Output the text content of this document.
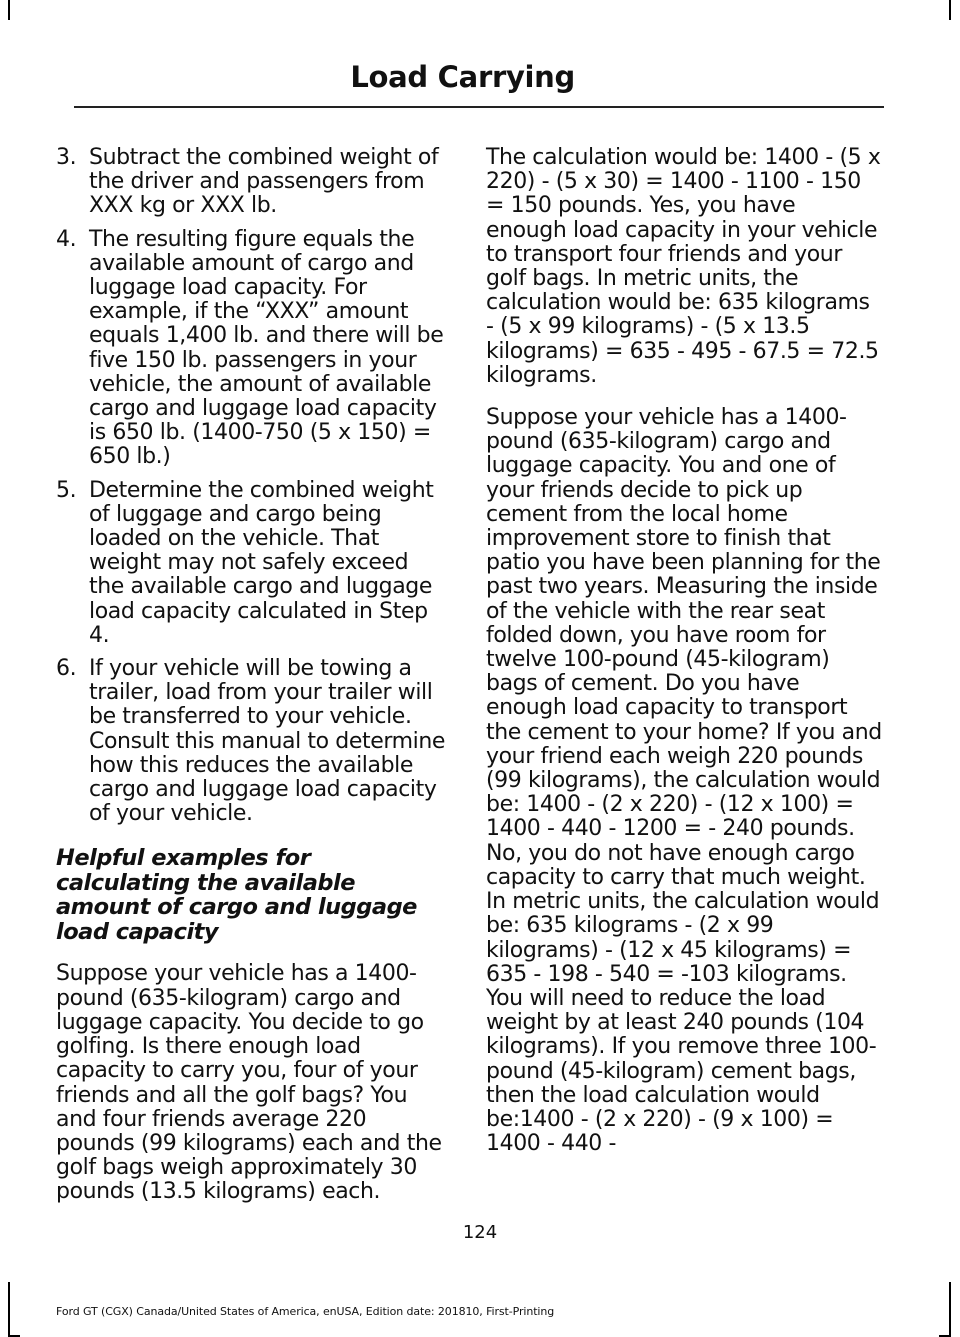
Load Carrying
3. Subtract the combined weight of the driver and passengers from XXX kg or XXX lb.
4. The resulting figure equals the available amount of cargo and luggage load capacity. For example, if the “XXX” amount equals 1,400 lb. and there will be five 150 lb. passengers in your vehicle, the amount of available cargo and luggage load capacity is 650 lb. (1400-750 (5 x 150) = 650 lb.)
5. Determine the combined weight of luggage and cargo being loaded on the vehicle. That weight may not safely exceed the available cargo and luggage load capacity calculated in Step 4.
6. If your vehicle will be towing a trailer, load from your trailer will be transferred to your vehicle. Consult this manual to determine how this reduces the available cargo and luggage load capacity of your vehicle.
Helpful examples for calculating the available amount of cargo and luggage load capacity

Suppose your vehicle has a 1400-pound (635-kilogram) cargo and luggage capacity. You decide to go golfing. Is there enough load capacity to carry you, four of your friends and all the golf bags? You and four friends average 220 pounds (99 kilograms) each and the golf bags weigh approximately 30 pounds (13.5 kilograms) each.

The calculation would be: 1400 - (5 x 220) - (5 x 30) = 1400 - 1100 - 150 = 150 pounds. Yes, you have enough load capacity in your vehicle to transport four friends and your golf bags. In metric units, the calculation would be: 635 kilograms - (5 x 99 kilograms) - (5 x 13.5 kilograms) = 635 - 495 - 67.5 = 72.5 kilograms.

Suppose your vehicle has a 1400-pound (635-kilogram) cargo and luggage capacity. You and one of your friends decide to pick up cement from the local home improvement store to finish that patio you have been planning for the past two years. Measuring the inside of the vehicle with the rear seat folded down, you have room for twelve 100-pound (45-kilogram) bags of cement. Do you have enough load capacity to transport the cement to your home? If you and your friend each weigh 220 pounds (99 kilograms), the calculation would be: 1400 - (2 x 220) - (12 x 100) = 1400 - 440 - 1200 = - 240 pounds. No, you do not have enough cargo capacity to carry that much weight. In metric units, the calculation would be: 635 kilograms - (2 x 99 kilograms) - (12 x 45 kilograms) = 635 - 198 - 540 = -103 kilograms. You will need to reduce the load weight by at least 240 pounds (104 kilograms). If you remove three 100-pound (45-kilogram) cement bags, then the load calculation would be:1400 - (2 x 220) - (9 x 100) = 1400 - 440 -

124
Ford GT (CGX) Canada/United States of America, enUSA, Edition date: 201810, First-Printing
